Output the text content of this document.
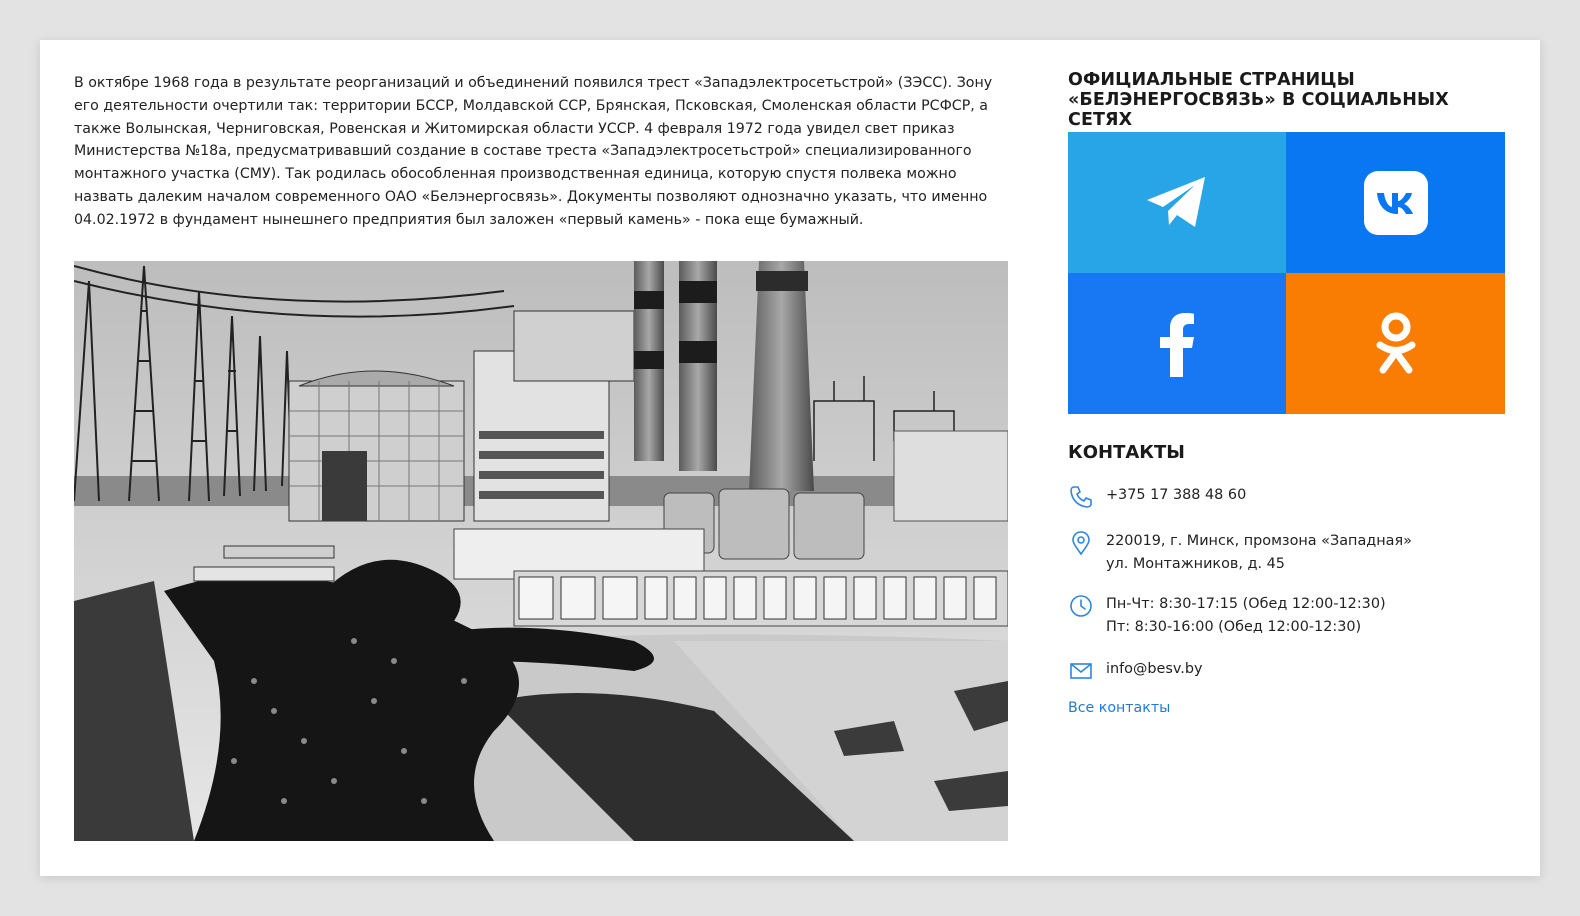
В октябре 1968 года в результате реорганизаций и объединений появился трест «Западэлектросетьстрой» (ЗЭСС). Зону его деятельности очертили так: территории БССР, Молдавской ССР, Брянская, Псковская, Смоленская области РСФСР, а также Волынская, Черниговская, Ровенская и Житомирская области УССР. 4 февраля 1972 года увидел свет приказ Министерства №18а, предусматривавший создание в составе треста «Западэлектросетьстрой» специализированного монтажного участка (СМУ). Так родилась обособленная производственная единица, которую спустя полвека можно назвать далеким началом современного ОАО «Белэнергосвязь». Документы позволяют однозначно указать, что именно 04.02.1972 в фундамент нынешнего предприятия был заложен «первый камень» - пока еще бумажный.

ОФИЦИАЛЬНЫЕ СТРАНИЦЫ «БЕЛЭНЕРГОСВЯЗЬ» В СОЦИАЛЬНЫХ СЕТЯХ
КОНТАКТЫ
+375 17 388 48 60
220019, г. Минск, промзона «Западная»
ул. Монтажников, д. 45
Пн-Чт: 8:30-17:15 (Обед 12:00-12:30)
Пт: 8:30-16:00 (Обед 12:00-12:30)
info@besv.by
Все контакты
